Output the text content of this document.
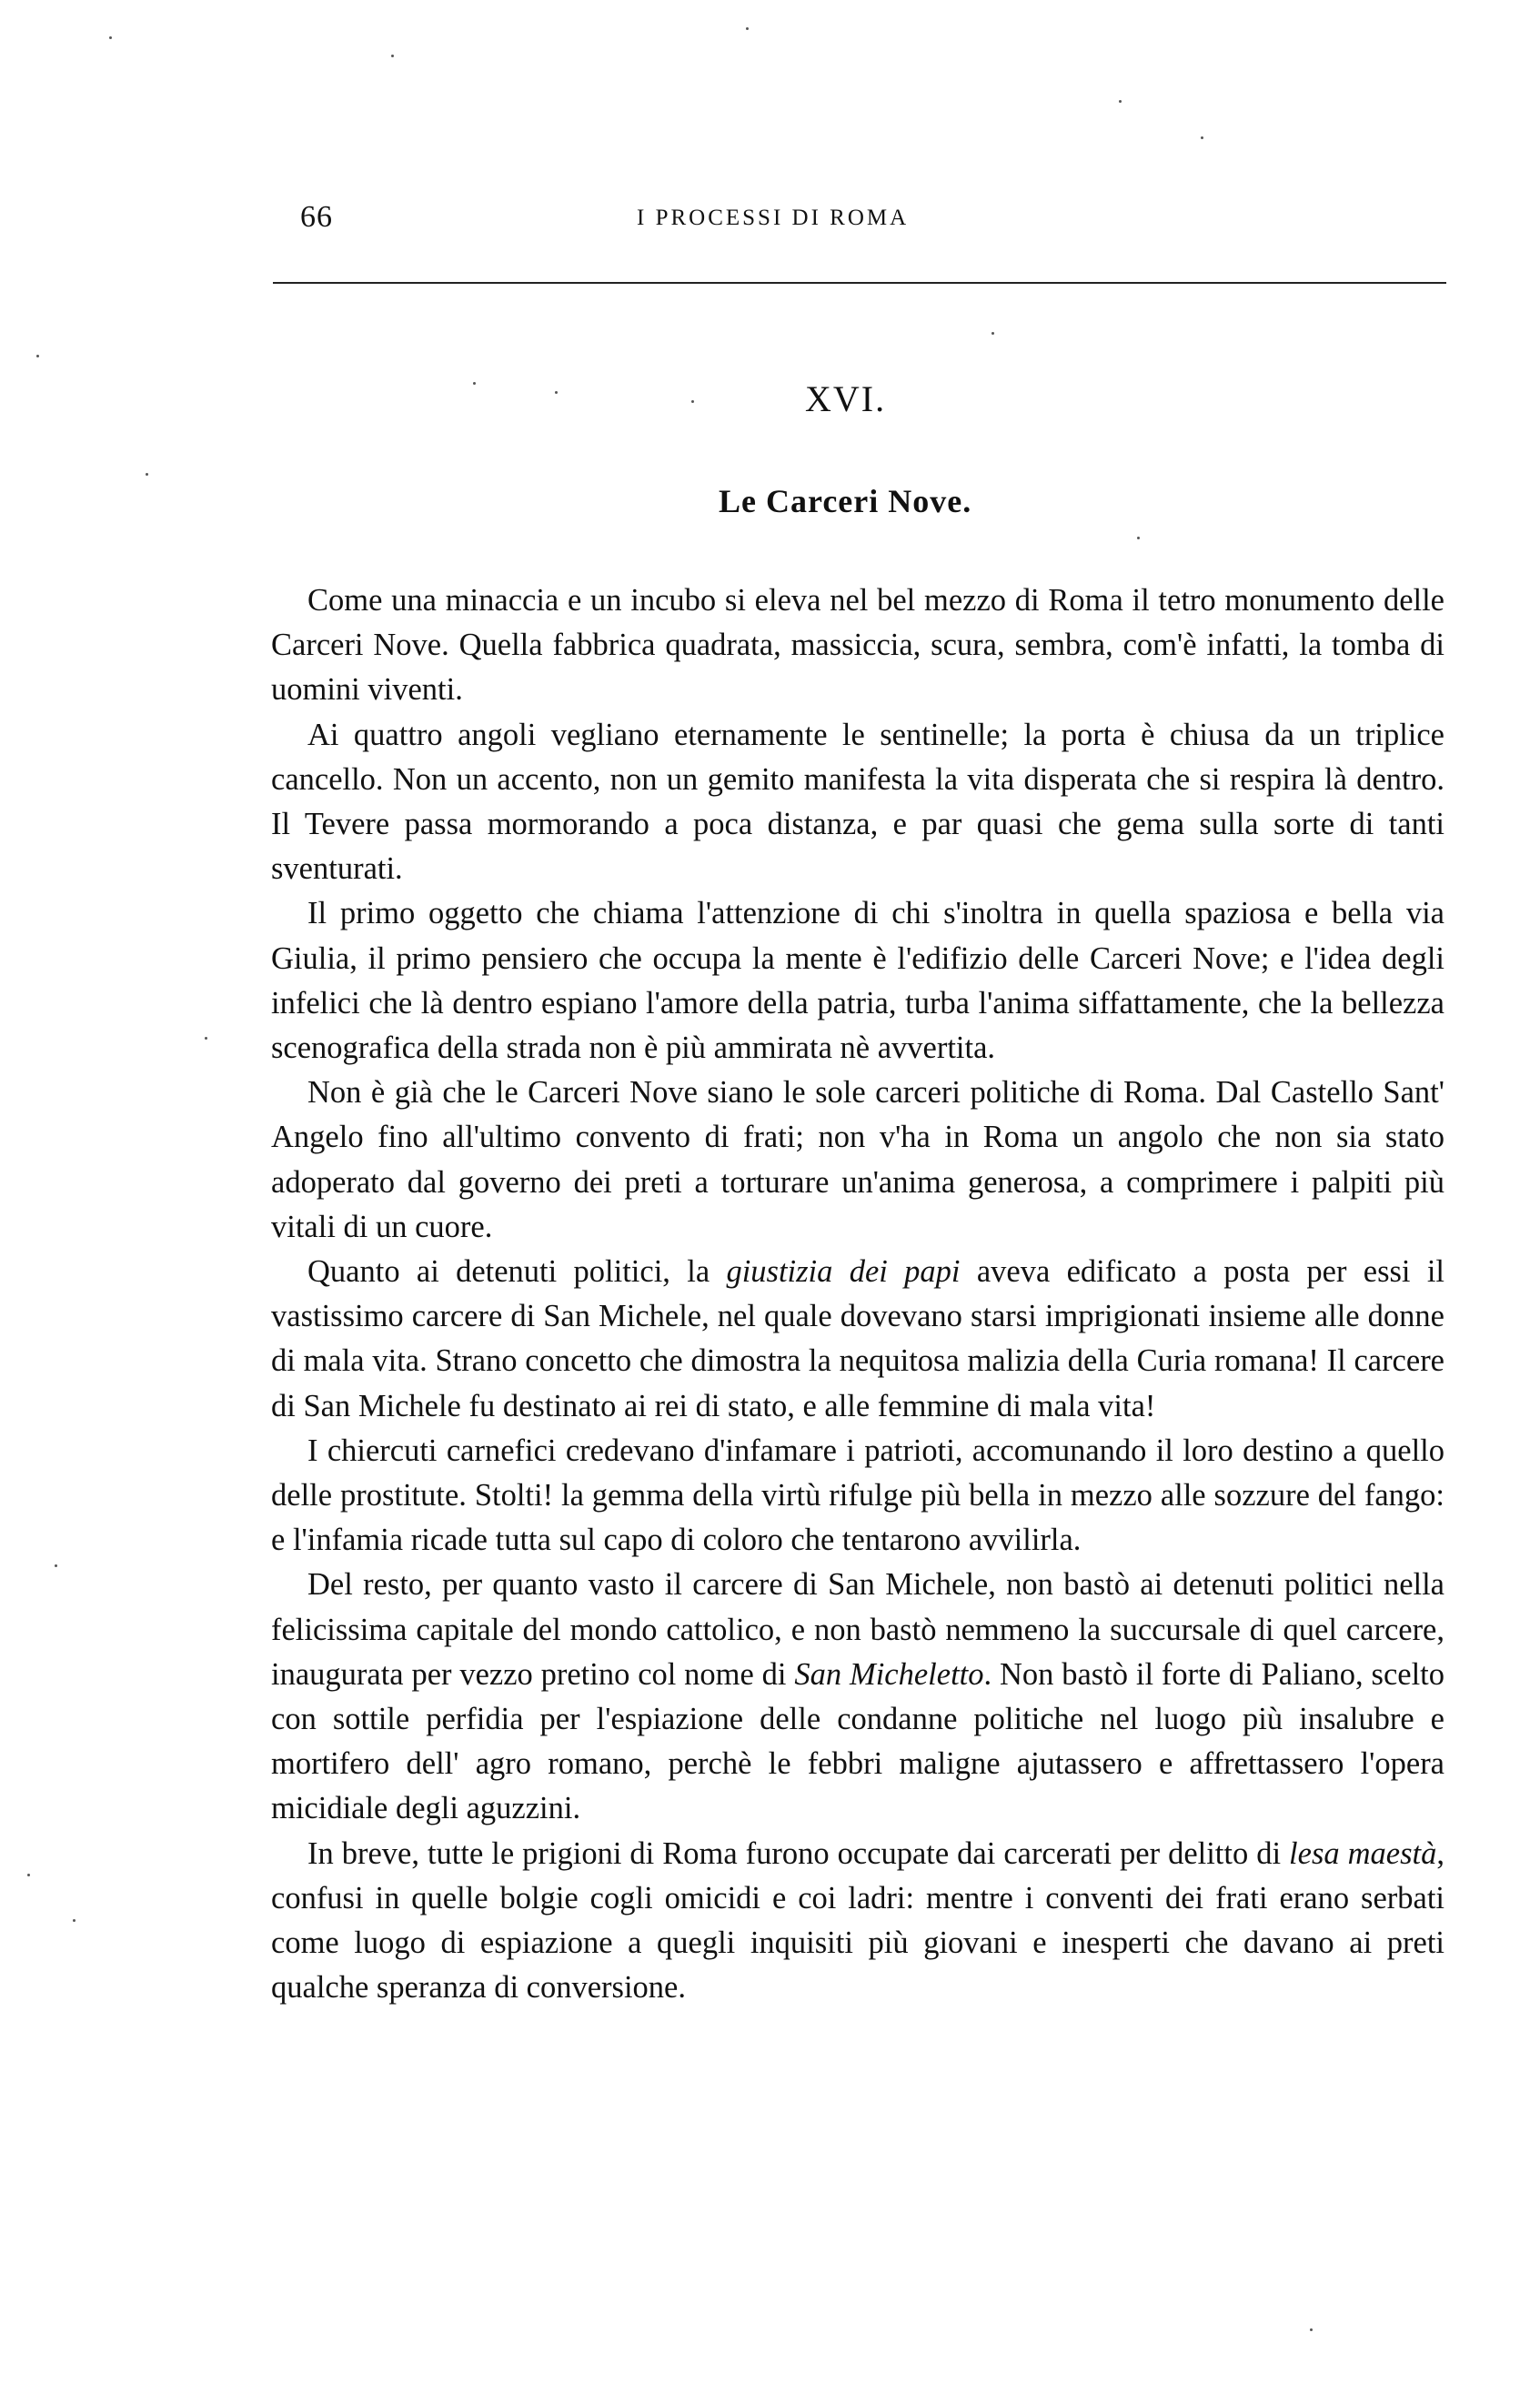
66	I PROCESSI DI ROMA
XVI.
Le Carceri Nove.

Come una minaccia e un incubo si eleva nel bel mezzo di Roma il tetro monumento delle Carceri Nove. Quella fabbrica quadrata, massiccia, scura, sembra, com'è infatti, la tomba di uomini viventi.

Ai quattro angoli vegliano eternamente le sentinelle; la porta è chiusa da un triplice cancello. Non un accento, non un gemito manifesta la vita disperata che si respira là dentro. Il Tevere passa mormorando a poca distanza, e par quasi che gema sulla sorte di tanti sventurati.

Il primo oggetto che chiama l'attenzione di chi s'inoltra in quella spaziosa e bella via Giulia, il primo pensiero che occupa la mente è l'edifizio delle Carceri Nove; e l'idea degli infelici che là dentro espiano l'amore della patria, turba l'anima siffattamente, che la bellezza scenografica della strada non è più ammirata nè avvertita.

Non è già che le Carceri Nove siano le sole carceri politiche di Roma. Dal Castello Sant' Angelo fino all'ultimo convento di frati; non v'ha in Roma un angolo che non sia stato adoperato dal governo dei preti a torturare un'anima generosa, a comprimere i palpiti più vitali di un cuore.

Quanto ai detenuti politici, la giustizia dei papi aveva edificato a posta per essi il vastissimo carcere di San Michele, nel quale dovevano starsi imprigionati insieme alle donne di mala vita. Strano concetto che dimostra la nequitosa malizia della Curia romana! Il carcere di San Michele fu destinato ai rei di stato, e alle femmine di mala vita!

I chiercuti carnefici credevano d'infamare i patrioti, accomunando il loro destino a quello delle prostitute. Stolti! la gemma della virtù rifulge più bella in mezzo alle sozzure del fango: e l'infamia ricade tutta sul capo di coloro che tentarono avvilirla.

Del resto, per quanto vasto il carcere di San Michele, non bastò ai detenuti politici nella felicissima capitale del mondo cattolico, e non bastò nemmeno la succursale di quel carcere, inaugurata per vezzo pretino col nome di San Micheletto. Non bastò il forte di Paliano, scelto con sottile perfidia per l'espiazione delle condanne politiche nel luogo più insalubre e mortifero dell' agro romano, perchè le febbri maligne ajutassero e affrettassero l'opera micidiale degli aguzzini.

In breve, tutte le prigioni di Roma furono occupate dai carcerati per delitto di lesa maestà, confusi in quelle bolgie cogli omicidi e coi ladri: mentre i conventi dei frati erano serbati come luogo di espiazione a quegli inquisiti più giovani e inesperti che davano ai preti qualche speranza di conversione.
